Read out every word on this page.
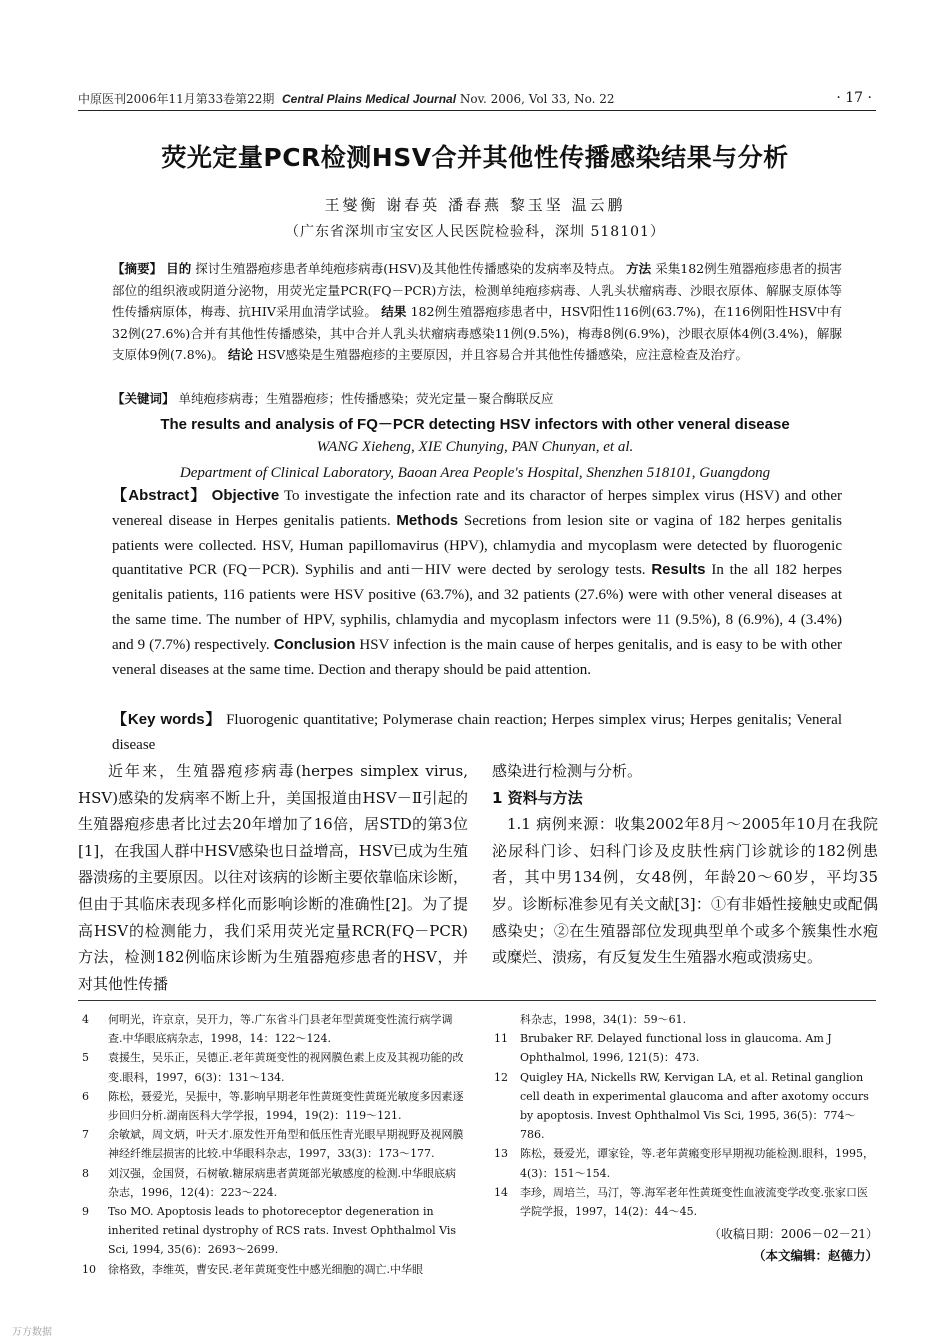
中原医刊2006年11月第33卷第22期 Central Plains Medical Journal Nov. 2006, Vol 33, No. 22	· 17 ·
荧光定量PCR检测HSV合并其他性传播感染结果与分析
王燮衡 谢春英 潘春燕 黎玉坚 温云鹏
（广东省深圳市宝安区人民医院检验科，深圳 518101）
【摘要】 目的 探讨生殖器疱疹患者单纯疱疹病毒(HSV)及其他性传播感染的发病率及特点。 方法 采集182例生殖器疱疹患者的损害部位的组织液或阴道分泌物，用荧光定量PCR(FQ－PCR)方法，检测单纯疱疹病毒、人乳头状瘤病毒、沙眼衣原体、解脲支原体等性传播病原体，梅毒、抗HIV采用血清学试验。 结果 182例生殖器疱疹患者中，HSV阳性116例(63.7%)，在116例阳性HSV中有32例(27.6%)合并有其他性传播感染，其中合并人乳头状瘤病毒感染11例(9.5%)，梅毒8例(6.9%)，沙眼衣原体4例(3.4%)，解脲支原体9例(7.8%)。 结论 HSV感染是生殖器疱疹的主要原因，并且容易合并其他性传播感染，应注意检查及治疗。
【关键词】 单纯疱疹病毒；生殖器疱疹；性传播感染；荧光定量－聚合酶联反应
The results and analysis of FQ－PCR detecting HSV infectors with other veneral disease
WANG Xieheng, XIE Chunying, PAN Chunyan, et al.
Department of Clinical Laboratory, Baoan Area People's Hospital, Shenzhen 518101, Guangdong
【Abstract】 Objective To investigate the infection rate and its charactor of herpes simplex virus (HSV) and other venereal disease in Herpes genitalis patients. Methods Secretions from lesion site or vagina of 182 herpes genitalis patients were collected. HSV, Human papillomavirus (HPV), chlamydia and mycoplasm were detected by fluorogenic quantitative PCR (FQ－PCR). Syphilis and anti－HIV were dected by serology tests. Results In the all 182 herpes genitalis patients, 116 patients were HSV positive (63.7%), and 32 patients (27.6%) were with other veneral diseases at the same time. The number of HPV, syphilis, chlamydia and mycoplasm infectors were 11 (9.5%), 8 (6.9%), 4 (3.4%) and 9 (7.7%) respectively. Conclusion HSV infection is the main cause of herpes genitalis, and is easy to be with other veneral diseases at the same time. Dection and therapy should be paid attention.
【Key words】 Fluorogenic quantitative; Polymerase chain reaction; Herpes simplex virus; Herpes genitalis; Veneral disease
近年来，生殖器疱疹病毒(herpes simplex virus, HSV)感染的发病率不断上升，美国报道由HSV－Ⅱ引起的生殖器疱疹患者比过去20年增加了16倍，居STD的第3位[1]，在我国人群中HSV感染也日益增高，HSV已成为生殖器溃疡的主要原因。以往对该病的诊断主要依靠临床诊断，但由于其临床表现多样化而影响诊断的准确性[2]。为了提高HSV的检测能力，我们采用荧光定量RCR(FQ－PCR)方法，检测182例临床诊断为生殖器疱疹患者的HSV，并对其他性传播
感染进行检测与分析。
1 资料与方法
1.1 病例来源：收集2002年8月～2005年10月在我院泌尿科门诊、妇科门诊及皮肤性病门诊就诊的182例患者，其中男134例，女48例，年龄20～60岁，平均35岁。诊断标准参见有关文献[3]：①有非婚性接触史或配偶感染史；②在生殖器部位发现典型单个或多个簇集性水疱或糜烂、溃疡，有反复发生生殖器水疱或溃疡史。
4	何明光，许京京，吴开力，等.广东省斗门县老年型黄斑变性流行病学调查.中华眼底病杂志，1998，14：122～124.
5	袁援生，吴乐正，吴德正.老年黄斑变性的视网膜色素上皮及其视功能的改变.眼科，1997，6(3)：131～134.
6	陈松，聂爱光，吴振中，等.影响早期老年性黄斑变性黄斑光敏度多因素逐步回归分析.湖南医科大学学报，1994，19(2)：119～121.
7	余敏斌，周文炳，叶天才.原发性开角型和低压性青光眼早期视野及视网膜神经纤维层损害的比较.中华眼科杂志，1997，33(3)：173～177.
8	刘汉强，金国贤，石树敏.糖尿病患者黄斑部光敏感度的检测.中华眼底病杂志，1996，12(4)：223～224.
9	Tso MO. Apoptosis leads to photoreceptor degeneration in inherited retinal dystrophy of RCS rats. Invest Ophthalmol Vis Sci, 1994, 35(6)：2693～2699.
10	徐格致，李维英，曹安民.老年黄斑变性中感光细胞的凋亡.中华眼
科杂志，1998，34(1)：59～61.
11	Brubaker RF. Delayed functional loss in glaucoma. Am J Ophthalmol, 1996, 121(5)：473.
12	Quigley HA, Nickells RW, Kervigan LA, et al. Retinal ganglion cell death in experimental glaucoma and after axotomy occurs by apoptosis. Invest Ophthalmol Vis Sci, 1995, 36(5)：774～786.
13	陈松，聂爱光，谭家铨，等.老年黄瘢变形早期视功能检测.眼科，1995，4(3)：151～154.
14	李珍，周培兰，马汀，等.海军老年性黄斑变性血液流变学改变.张家口医学院学报，1997，14(2)：44～45.
（收稿日期：2006－02－21）
（本文编辑：赵德力）
万方数据
